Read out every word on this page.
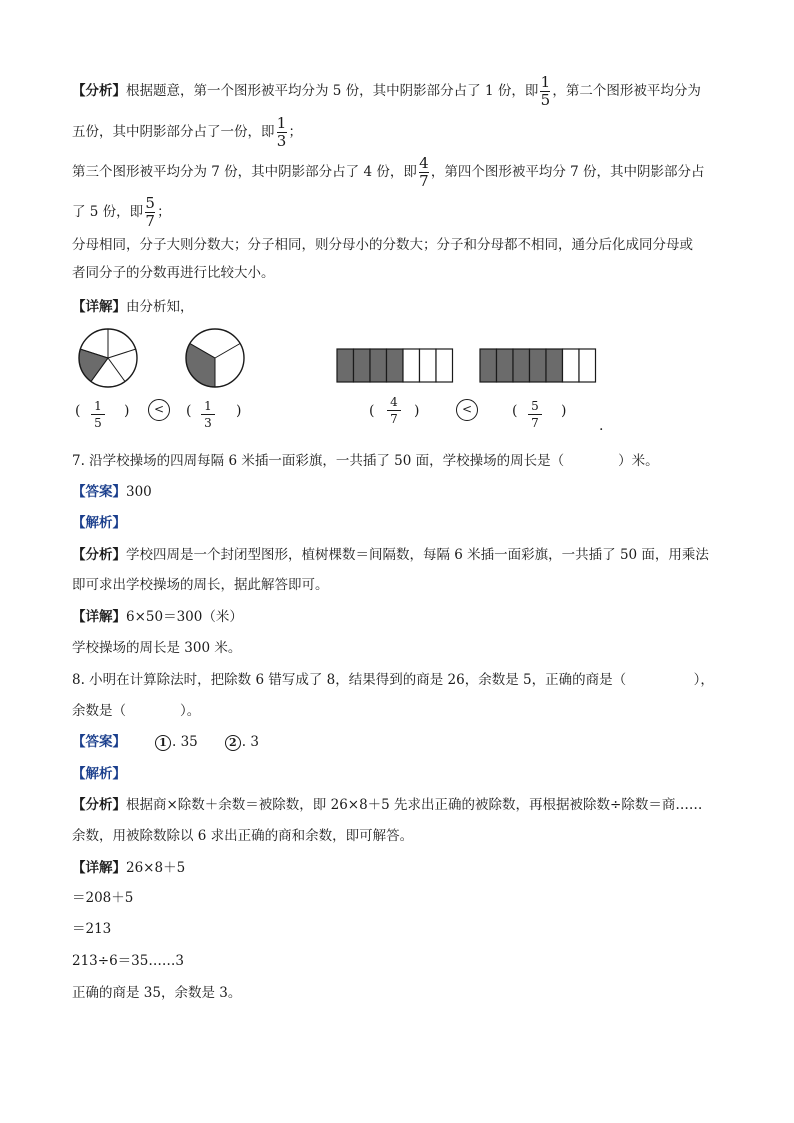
【分析】根据题意，第一个图形被平均分为 5 份，其中阴影部分占了 1 份，即 $\frac{1}{5}$ ，第二个图形被平均分为
五份，其中阴影部分占了一份，即 $\frac{1}{3}$ ；
第三个图形被平均分为 7 份，其中阴影部分占了 4 份，即 $\frac{4}{7}$ ，第四个图形被平均分 7 份，其中阴影部分占
了 5 份，即 $\frac{5}{7}$ ；
分母相同，分子大则分数大；分子相同，则分母小的分数大；分子和分母都不相同，通分后化成同分母或
者同分子的分数再进行比较大小。
【详解】由分析知，
( 1
5
)	<	( 1
3
)	(
4
7 )	<	( 5
7
)
.
7. 沿学校操场的四周每隔 6 米插一面彩旗，一共插了 50 面，学校操场的周长是（　　　　）米。
【答案】300
【解析】
【分析】学校四周是一个封闭型图形，植树棵数＝间隔数，每隔 6 米插一面彩旗，一共插了 50 面，用乘法
即可求出学校操场的周长，据此解答即可。
【详解】6×50＝300（米）
学校操场的周长是 300 米。
8. 小明在计算除法时，把除数 6 错写成了 8，结果得到的商是 26，余数是 5，正确的商是（　　　　　），
余数是（　　　　）。
【答案】	1 . 35	2 . 3
【解析】
【分析】根据商×除数＋余数＝被除数，即 26×8＋5 先求出正确的被除数，再根据被除数÷除数＝商……
余数，用被除数除以 6 求出正确的商和余数，即可解答。
【详解】26×8＋5
＝208＋5
＝213
213÷6＝35……3
正确的商是 35，余数是 3。
